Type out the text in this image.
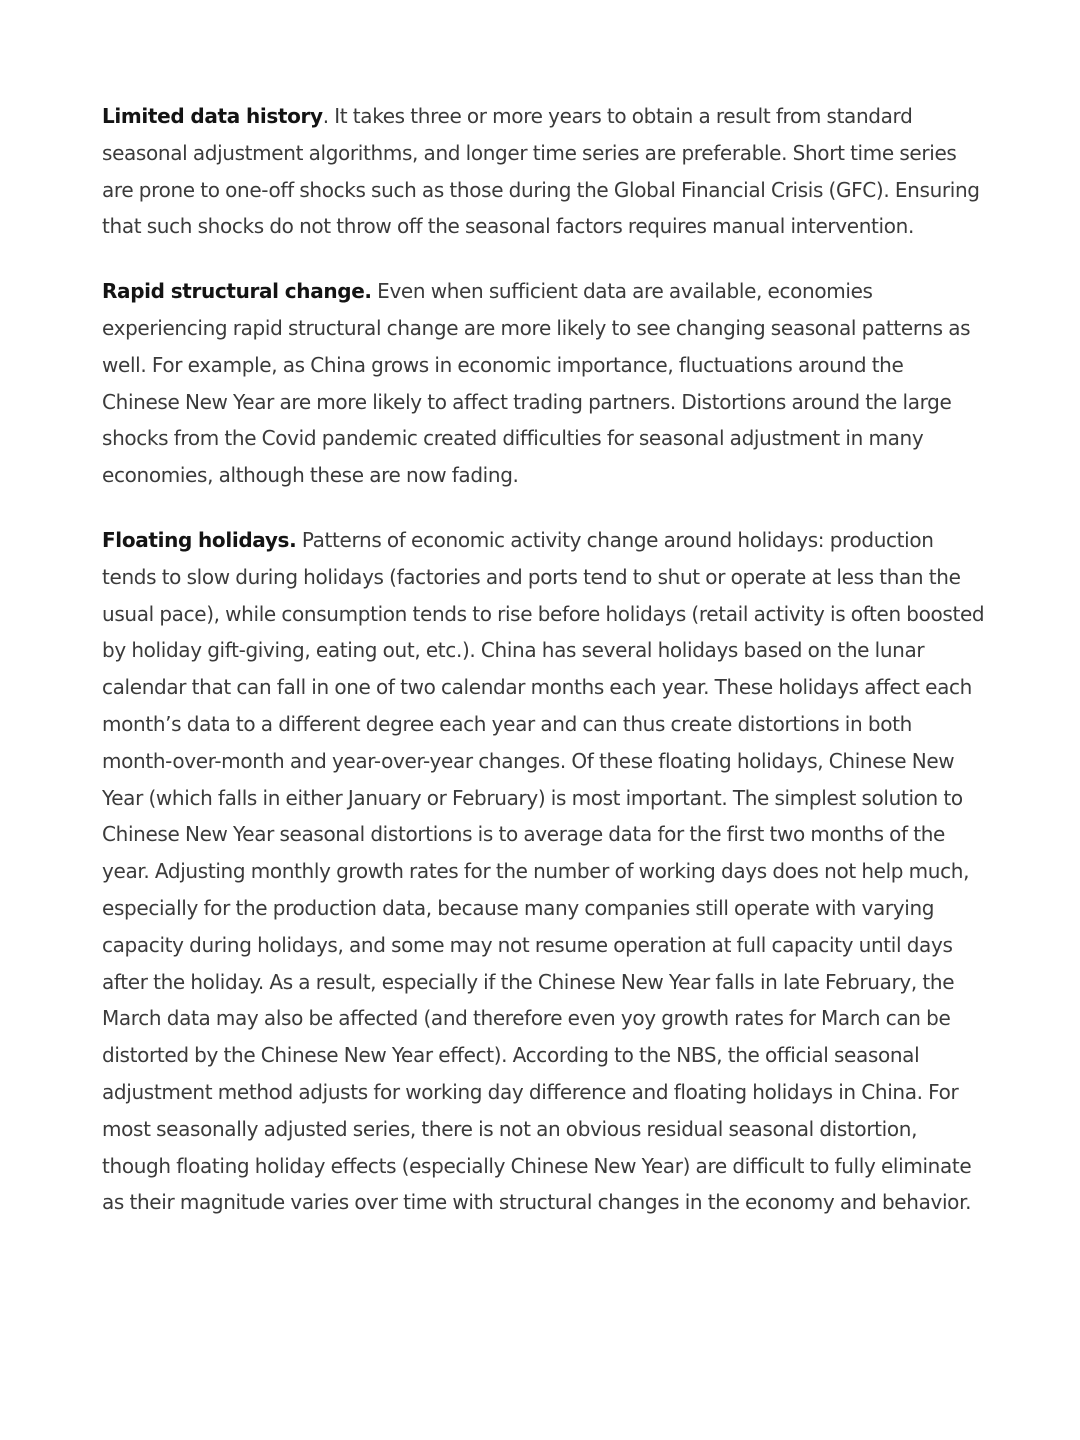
Limited data history. It takes three or more years to obtain a result from standard seasonal adjustment algorithms, and longer time series are preferable. Short time series are prone to one-off shocks such as those during the Global Financial Crisis (GFC). Ensuring that such shocks do not throw off the seasonal factors requires manual intervention.

Rapid structural change. Even when sufficient data are available, economies experiencing rapid structural change are more likely to see changing seasonal patterns as well. For example, as China grows in economic importance, fluctuations around the Chinese New Year are more likely to affect trading partners. Distortions around the large shocks from the Covid pandemic created difficulties for seasonal adjustment in many economies, although these are now fading.

Floating holidays. Patterns of economic activity change around holidays: production tends to slow during holidays (factories and ports tend to shut or operate at less than the usual pace), while consumption tends to rise before holidays (retail activity is often boosted by holiday gift-giving, eating out, etc.). China has several holidays based on the lunar calendar that can fall in one of two calendar months each year. These holidays affect each month’s data to a different degree each year and can thus create distortions in both month-over-month and year-over-year changes. Of these floating holidays, Chinese New Year (which falls in either January or February) is most important. The simplest solution to Chinese New Year seasonal distortions is to average data for the first two months of the year. Adjusting monthly growth rates for the number of working days does not help much, especially for the production data, because many companies still operate with varying capacity during holidays, and some may not resume operation at full capacity until days after the holiday. As a result, especially if the Chinese New Year falls in late February, the March data may also be affected (and therefore even yoy growth rates for March can be distorted by the Chinese New Year effect). According to the NBS, the official seasonal adjustment method adjusts for working day difference and floating holidays in China. For most seasonally adjusted series, there is not an obvious residual seasonal distortion, though floating holiday effects (especially Chinese New Year) are difficult to fully eliminate as their magnitude varies over time with structural changes in the economy and behavior.
